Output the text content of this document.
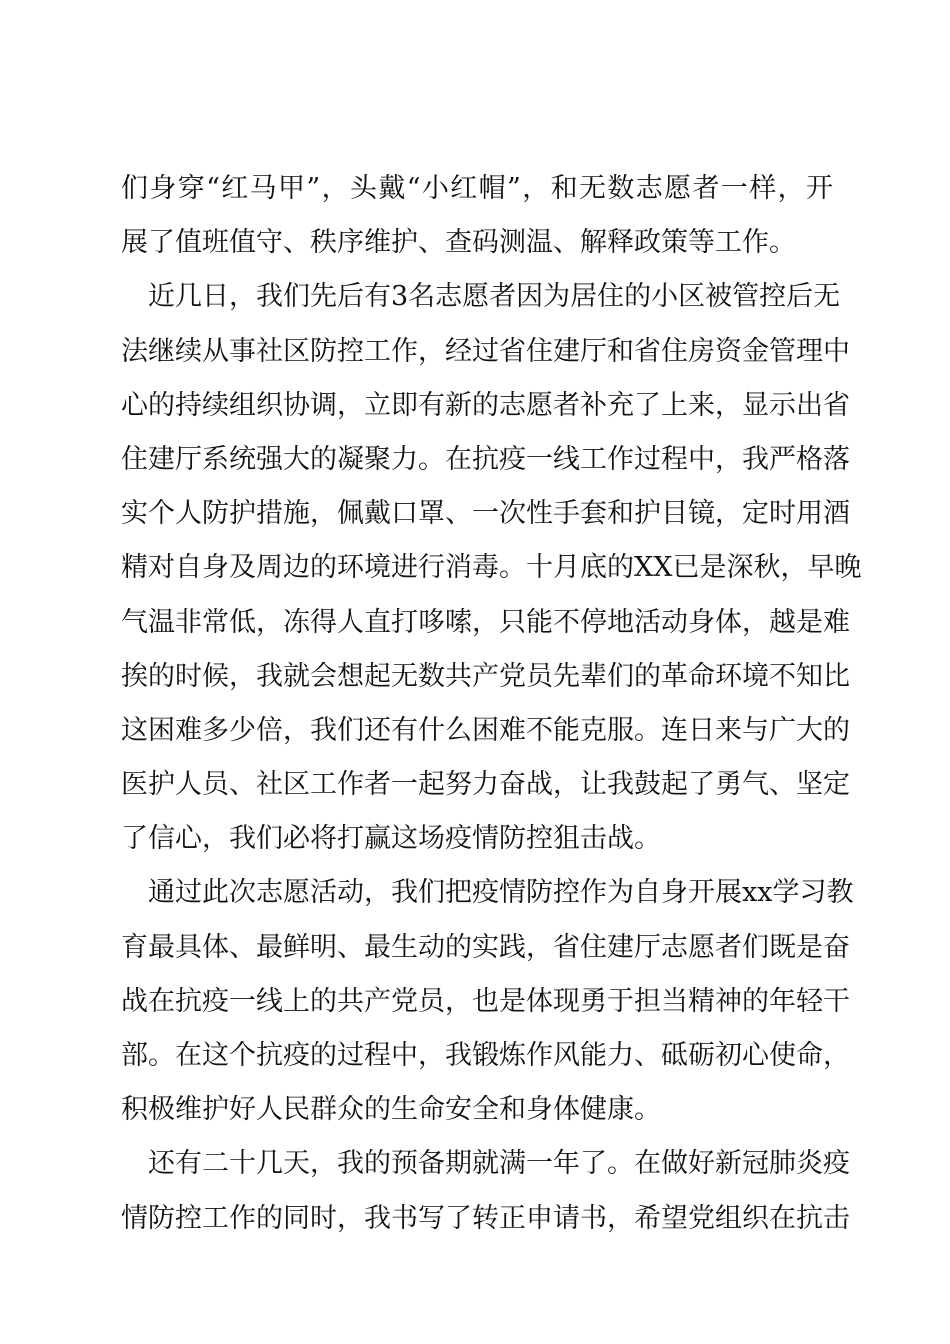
们身穿“红马甲”，头戴“小红帽”，和无数志愿者一样，开
展了值班值守、秩序维护、查码测温、解释政策等工作。
近几日，我们先后有3名志愿者因为居住的小区被管控后无
法继续从事社区防控工作，经过省住建厅和省住房资金管理中
心的持续组织协调，立即有新的志愿者补充了上来，显示出省
住建厅系统强大的凝聚力。在抗疫一线工作过程中，我严格落
实个人防护措施，佩戴口罩、一次性手套和护目镜，定时用酒
精对自身及周边的环境进行消毒。十月底的XX已是深秋，早晚
气温非常低，冻得人直打哆嗦，只能不停地活动身体，越是难
挨的时候，我就会想起无数共产党员先辈们的革命环境不知比
这困难多少倍，我们还有什么困难不能克服。连日来与广大的
医护人员、社区工作者一起努力奋战，让我鼓起了勇气、坚定
了信心，我们必将打赢这场疫情防控狙击战。
通过此次志愿活动，我们把疫情防控作为自身开展xx学习教
育最具体、最鲜明、最生动的实践，省住建厅志愿者们既是奋
战在抗疫一线上的共产党员，也是体现勇于担当精神的年轻干
部。在这个抗疫的过程中，我锻炼作风能力、砥砺初心使命，
积极维护好人民群众的生命安全和身体健康。
还有二十几天，我的预备期就满一年了。在做好新冠肺炎疫
情防控工作的同时，我书写了转正申请书，希望党组织在抗击
